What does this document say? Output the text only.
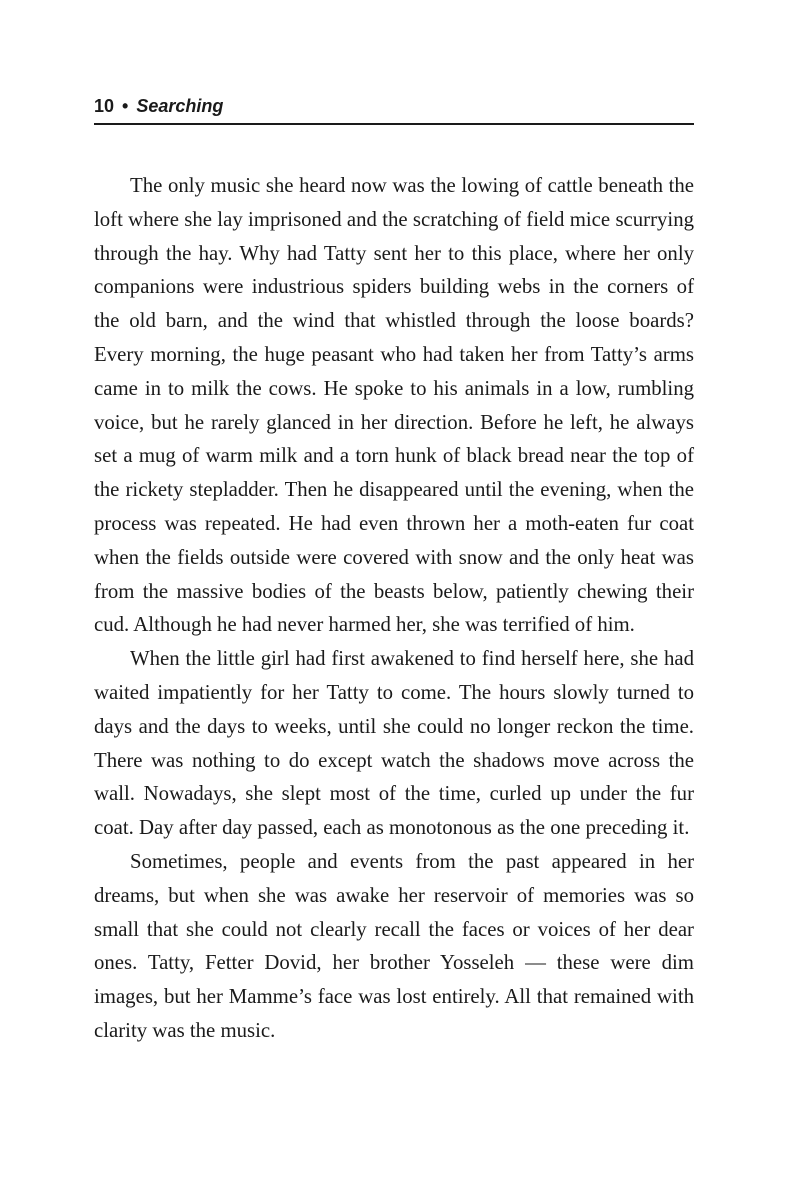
10 • Searching

The only music she heard now was the lowing of cattle beneath the loft where she lay imprisoned and the scratching of field mice scurrying through the hay. Why had Tatty sent her to this place, where her only companions were industrious spiders building webs in the corners of the old barn, and the wind that whistled through the loose boards? Every morning, the huge peasant who had taken her from Tatty’s arms came in to milk the cows. He spoke to his animals in a low, rumbling voice, but he rarely glanced in her direction. Before he left, he always set a mug of warm milk and a torn hunk of black bread near the top of the rickety stepladder. Then he disappeared until the evening, when the process was repeated. He had even thrown her a moth-eaten fur coat when the fields outside were covered with snow and the only heat was from the massive bodies of the beasts below, patiently chewing their cud. Although he had never harmed her, she was terrified of him.

When the little girl had first awakened to find herself here, she had waited impatiently for her Tatty to come. The hours slowly turned to days and the days to weeks, until she could no longer reckon the time. There was nothing to do except watch the shadows move across the wall. Nowadays, she slept most of the time, curled up under the fur coat. Day after day passed, each as monotonous as the one preceding it.

Sometimes, people and events from the past appeared in her dreams, but when she was awake her reservoir of memories was so small that she could not clearly recall the faces or voices of her dear ones. Tatty, Fetter Dovid, her brother Yosseleh — these were dim images, but her Mamme’s face was lost entirely. All that remained with clarity was the music.
